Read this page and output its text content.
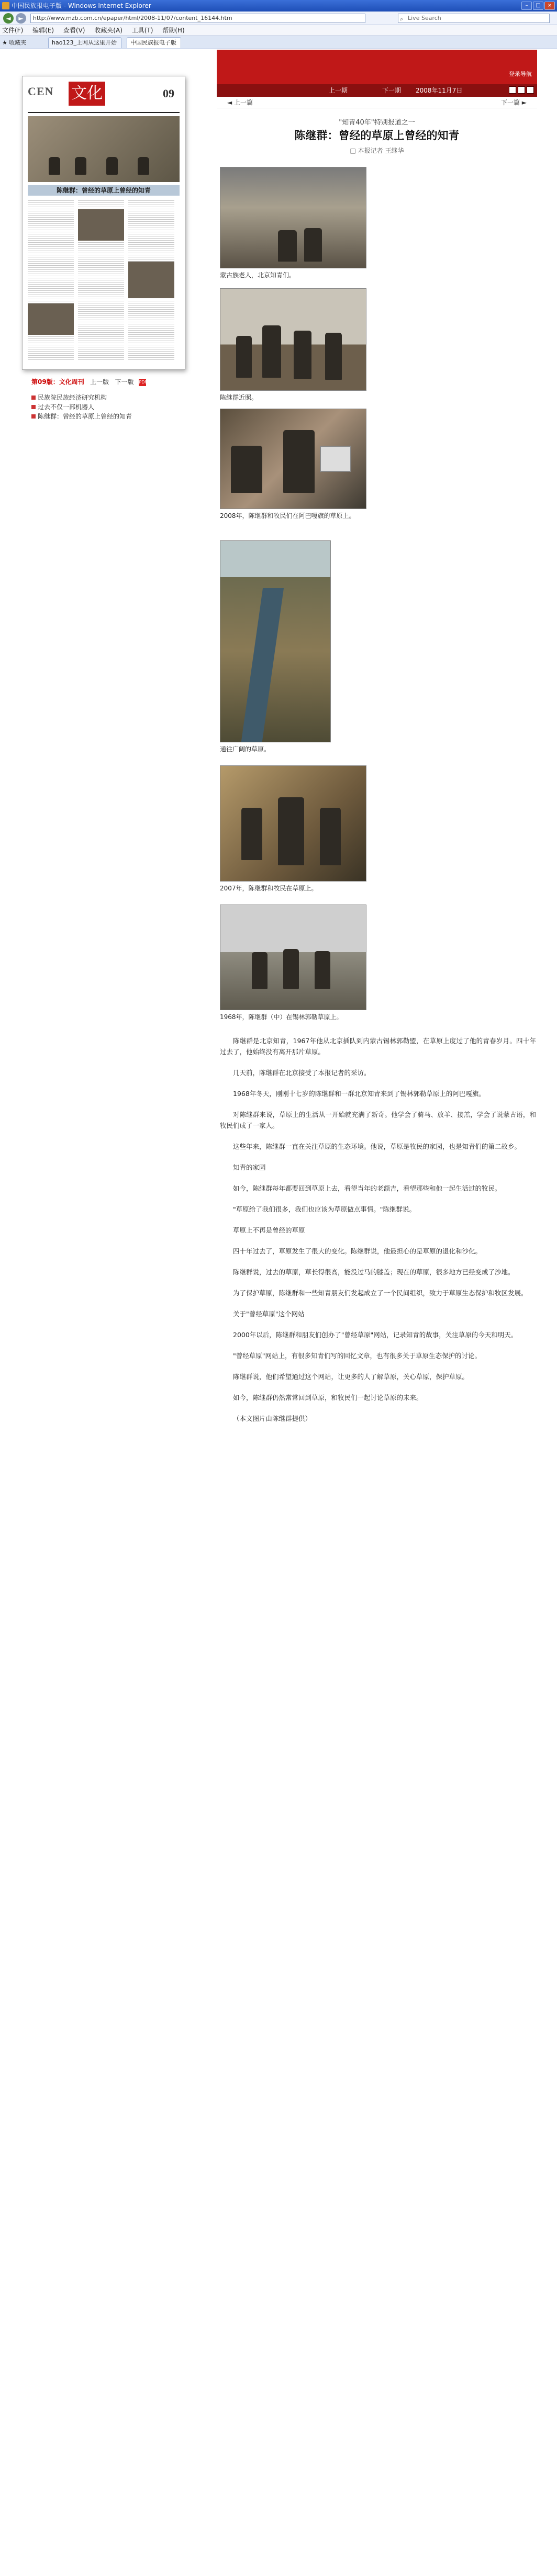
中国民族报电子版 - Windows Internet Explorer	–	□	×
◄	►	http://www.mzb.com.cn/epaper/html/2008-11/07/content_16144.htm	⌕ Live Search
文件(F) 编辑(E) 查看(V) 收藏夹(A) 工具(T) 帮助(H)
★ 收藏夹	hao123_上网从这里开始	中国民族报电子版
CEN 文化	09
陈继群：曾经的草原上曾经的知青
第09版：文化周刊 上一版 下一版 PDF
民族院民族经济研究机构
过去不仅一部机器人
陈继群：曾经的草原上曾经的知青
登录导航
上一期	下一期 2008年11月7日
◄ 上一篇	下一篇 ►
"知青40年"特别报道之一
陈继群：曾经的草原上曾经的知青
□ 本报记者 王继华
蒙古族老人，北京知青们。
陈继群近照。
2008年，陈继群和牧民们在阿巴嘎旗的草原上。
通往广阔的草原。
2007年，陈继群和牧民在草原上。
1968年，陈继群（中）在锡林郭勒草原上。

陈继群是北京知青，1967年他从北京插队到内蒙古锡林郭勒盟，在草原上度过了他的青春岁月。四十年过去了，他始终没有离开那片草原。

几天前，陈继群在北京接受了本报记者的采访。

1968年冬天，刚刚十七岁的陈继群和一群北京知青来到了锡林郭勒草原上的阿巴嘎旗。

对陈继群来说，草原上的生活从一开始就充满了新奇。他学会了骑马、放羊、接羔，学会了说蒙古语，和牧民们成了一家人。

这些年来，陈继群一直在关注草原的生态环境。他说，草原是牧民的家园，也是知青们的第二故乡。

知青的家园

如今，陈继群每年都要回到草原上去，看望当年的老额吉，看望那些和他一起生活过的牧民。

"草原给了我们很多，我们也应该为草原做点事情。"陈继群说。

草原上不再是曾经的草原

四十年过去了，草原发生了很大的变化。陈继群说，他最担心的是草原的退化和沙化。

陈继群说，过去的草原，草长得很高，能没过马的膝盖；现在的草原，很多地方已经变成了沙地。

为了保护草原，陈继群和一些知青朋友们发起成立了一个民间组织，致力于草原生态保护和牧区发展。

关于"曾经草原"这个网站

2000年以后，陈继群和朋友们创办了"曾经草原"网站，记录知青的故事，关注草原的今天和明天。

"曾经草原"网站上，有很多知青们写的回忆文章，也有很多关于草原生态保护的讨论。

陈继群说，他们希望通过这个网站，让更多的人了解草原，关心草原，保护草原。

如今，陈继群仍然常常回到草原，和牧民们一起讨论草原的未来。

（本文图片由陈继群提供）
